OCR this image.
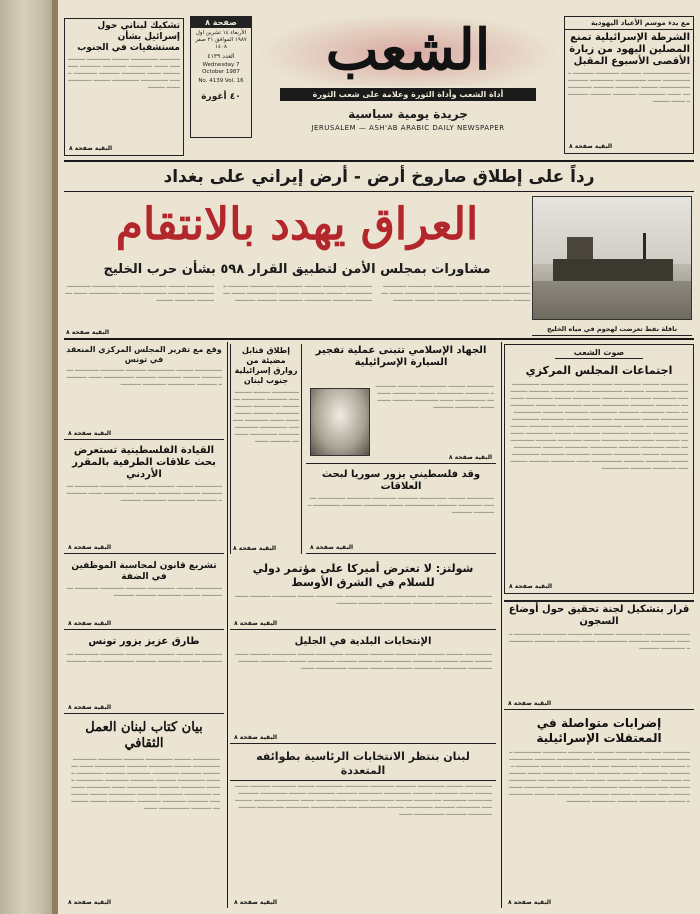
مع بدء موسم الأعياد اليهودية
الشرطة الإسرائيلية تمنع المصلين اليهود من زيارة الأقصى الأسبوع المقبل
────────────── ────── ─────── ────── ───────── ──── ───────── ─────── ────── ───────── ───── ─────── ────── ───────── ──── ──────── ─────── ────── ─────── ──── ─────
البقية صفحة ٨
الشعب
أداة الشعب وأداة الثورة وعلامة على شعب الثورة
جريدة يومية سياسية
JERUSALEM — ASH'AB ARABIC DAILY NEWSPAPER
صفحة ٨
الأربعاء ١٤ تشرين اول ١٩٨٧ الموافق ٢١ صفر ١٤٠٨
العدد ٤١٣٩
Wednesday 7 October 1987
No. 4139 Vol. 16
٤٠ أغورة
تشكيك لبناني حول إسرائيل بشأن مستشفيات في الجنوب
────── ──────── ───── ─────── ──────── ──── ─────── ─────── ────── ──────── ──── ─────── ────── ─────── ──── ──────── ──────── ───── ─────── ──── ─────
البقية صفحة ٨
رداً على إطلاق صاروخ أرض - أرض إيراني على بغداد
العراق يهدد بالانتقام
مشاورات بمجلس الأمن لتطبيق القرار ٥٩٨ بشأن حرب الخليج
ناقلة نفط تعرضت لهجوم في مياه الخليج
──────── ───── ──────── ────── ─────── ─────── ──────── ───── ─────── ────── ───────── ──── ─────── ────── ──────── ─────── ────── ──────
─────── ─────── ───── ──────── ─────── ────── ───────── ───── ─────── ────── ───────── ──── ─────── ────── ──────── ─────── ────── ──────
──────── ───── ──────── ────── ─────── ─────── ──────── ───── ─────── ────── ───────── ──── ─────── ────── ─────
البقية صفحة ٨
صوت الشعب
اجتماعات المجلس المركزي
──────── ───── ──────── ────── ─────── ─────── ──────── ───── ─────── ────── ───────── ──── ─────── ────── ──────── ─────── ────── ──────── ──────── ───── ──────── ────── ─────── ─────── ──────── ───── ─────── ────── ───────── ──── ─────── ────── ──────── ─────── ────── ──────── ──────── ───── ──────── ────── ─────── ─────── ──────── ───── ─────── ────── ───────── ──── ─────── ────── ──────── ─────── ────── ──────── ──────── ───── ──────── ────── ─────── ─────── ──────── ───── ─────── ────── ───────── ──── ─────── ────── ──────── ─────── ────── ──────── ──────── ───── ──────── ────── ─────── ─────── ──────── ───── ─────── ────── ───────── ──── ─────── ────── ──────── ─────── ────── ────────
البقية صفحة ٨
الجهاد الإسلامي تتبنى عملية تفجير السيارة الإسرائيلية
──────── ───── ──────── ────── ─────── ─────── ──────── ───── ─────── ────── ───────── ──── ─────── ────── ──────── ─────── ──────
البقية صفحة ٨
وقد فلسطيني يزور سوريا لبحث العلاقات
──────── ───── ──────── ────── ─────── ─────── ──────── ───── ─────── ────── ───────── ──── ─────── ────── ──────── ─────── ──────
البقية صفحة ٨
إطلاق قنابل مضيئة من زوارق إسرائيلية جنوب لبنان
──────── ───── ──────── ────── ─────── ─────── ──────── ───── ─────── ────── ───────── ──── ─────── ────── ──────── ─────── ────── ──────── ────── ────── ────
البقية صفحة ٨
وقع مع تقرير المجلس المركزي المنعقد في تونس
──────── ───── ──────── ────── ─────── ─────── ──────── ───── ─────── ────── ───────── ──── ─────── ────── ──────── ─────── ──────
البقية صفحة ٨
القيادة الفلسطينية تستعرض بحث علاقات الطرفية بالمقرر الأردني
──────── ───── ──────── ────── ─────── ─────── ──────── ───── ─────── ────── ───────── ──── ─────── ────── ──────── ─────── ──────
البقية صفحة ٨
شولتز: لا تعترض أميركا على مؤتمر دولي للسلام في الشرق الأوسط
──────── ───── ──────── ────── ─────── ─────── ──────── ───── ─────── ────── ───────── ──── ─────── ────── ──────── ─────── ──────
البقية صفحة ٨
تشريع قانون لمحاسبة الموظفين في الضفة
──────── ───── ──────── ────── ─────── ─────── ──────── ───── ─────── ────── ──────
البقية صفحة ٨
قرار بتشكيل لجنة تحقيق حول أوضاع السجون
──────── ───── ──────── ────── ─────── ─────── ──────── ───── ─────── ────── ───────── ──── ─────── ────── ──────── ─────── ──────
البقية صفحة ٨
إضرابات متواصلة في المعتقلات الإسرائيلية
──────── ───── ──────── ────── ─────── ─────── ──────── ───── ─────── ────── ───────── ──── ─────── ────── ──────── ─────── ────── ──────── ───── ──────── ────── ─────── ─────── ──────── ───── ─────── ────── ───────── ──── ─────── ────── ──────── ─────── ────── ──────── ───── ──────── ────── ─────── ─────── ──────── ───── ─────── ────── ───────── ──── ─────── ────── ──────── ─────── ────── ──────── ───── ──────── ────── ─────── ───────
البقية صفحة ٨
طارق عزيز يزور تونس
──────── ───── ──────── ────── ─────── ─────── ──────── ───── ─────── ────── ───────── ──── ──────
البقية صفحة ٨
الإنتخابات البلدية في الجليل
──────── ───── ──────── ────── ─────── ─────── ──────── ───── ─────── ────── ───────── ──── ─────── ────── ──────── ─────── ────── ──────── ───── ──────── ────── ─────── ─────── ──────── ───── ─────── ────── ───────── ────
البقية صفحة ٨
لبنان بنتظر الانتخابات الرئاسية بطوائفه المتعددة
──────── ───── ──────── ────── ─────── ─────── ──────── ───── ─────── ────── ───────── ──── ─────── ────── ──────── ─────── ────── ──────── ───── ──────── ────── ─────── ─────── ──────── ───── ─────── ────── ───────── ──── ─────── ────── ──────── ─────── ────── ──────── ───── ──────── ────── ─────── ─────── ──────── ───── ─────── ────── ───────── ────
البقية صفحة ٨
بيان كتاب لبنان العمل الثقافي
──────── ───── ──────── ────── ─────── ─────── ──────── ───── ─────── ────── ───────── ──── ─────── ────── ──────── ─────── ────── ──────── ───── ──────── ────── ─────── ─────── ──────── ───── ─────── ────── ───────── ──── ─────── ────── ──────── ─────── ────── ──────── ───── ──────── ────── ─────── ─────── ──────── ───── ─────── ────── ───────── ────
البقية صفحة ٨
